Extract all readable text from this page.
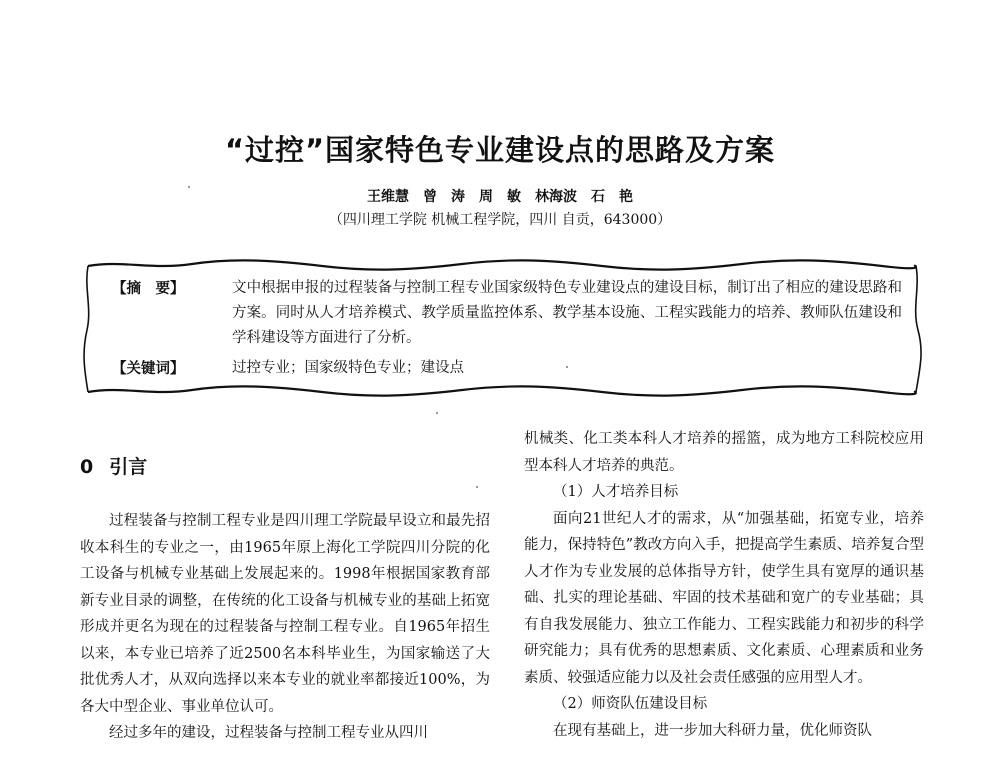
“过控”国家特色专业建设点的思路及方案
王维慧　曾　涛　周　敏　林海波　石　艳
（四川理工学院 机械工程学院，四川 自贡，643000）
【摘　要】	文中根据申报的过程装备与控制工程专业国家级特色专业建设点的建设目标，制订出了相应的建设思路和方案。同时从人才培养模式、教学质量监控体系、教学基本设施、工程实践能力的培养、教师队伍建设和学科建设等方面进行了分析。
【关键词】	过控专业；国家级特色专业；建设点
0 引言

过程装备与控制工程专业是四川理工学院最早设立和最先招收本科生的专业之一，由1965年原上海化工学院四川分院的化工设备与机械专业基础上发展起来的。1998年根据国家教育部新专业目录的调整，在传统的化工设备与机械专业的基础上拓宽形成并更名为现在的过程装备与控制工程专业。自1965年招生以来，本专业已培养了近2500名本科毕业生，为国家输送了大批优秀人才，从双向选择以来本专业的就业率都接近100%，为各大中型企业、事业单位认可。

经过多年的建设，过程装备与控制工程专业从四川

机械类、化工类本科人才培养的摇篮，成为地方工科院校应用型本科人才培养的典范。

（1）人才培养目标

面向21世纪人才的需求，从“加强基础，拓宽专业，培养能力，保持特色”教改方向入手，把提高学生素质、培养复合型人才作为专业发展的总体指导方针，使学生具有宽厚的通识基础、扎实的理论基础、牢固的技术基础和宽广的专业基础；具有自我发展能力、独立工作能力、工程实践能力和初步的科学研究能力；具有优秀的思想素质、文化素质、心理素质和业务素质、较强适应能力以及社会责任感强的应用型人才。

（2）师资队伍建设目标

在现有基础上，进一步加大科研力量，优化师资队
